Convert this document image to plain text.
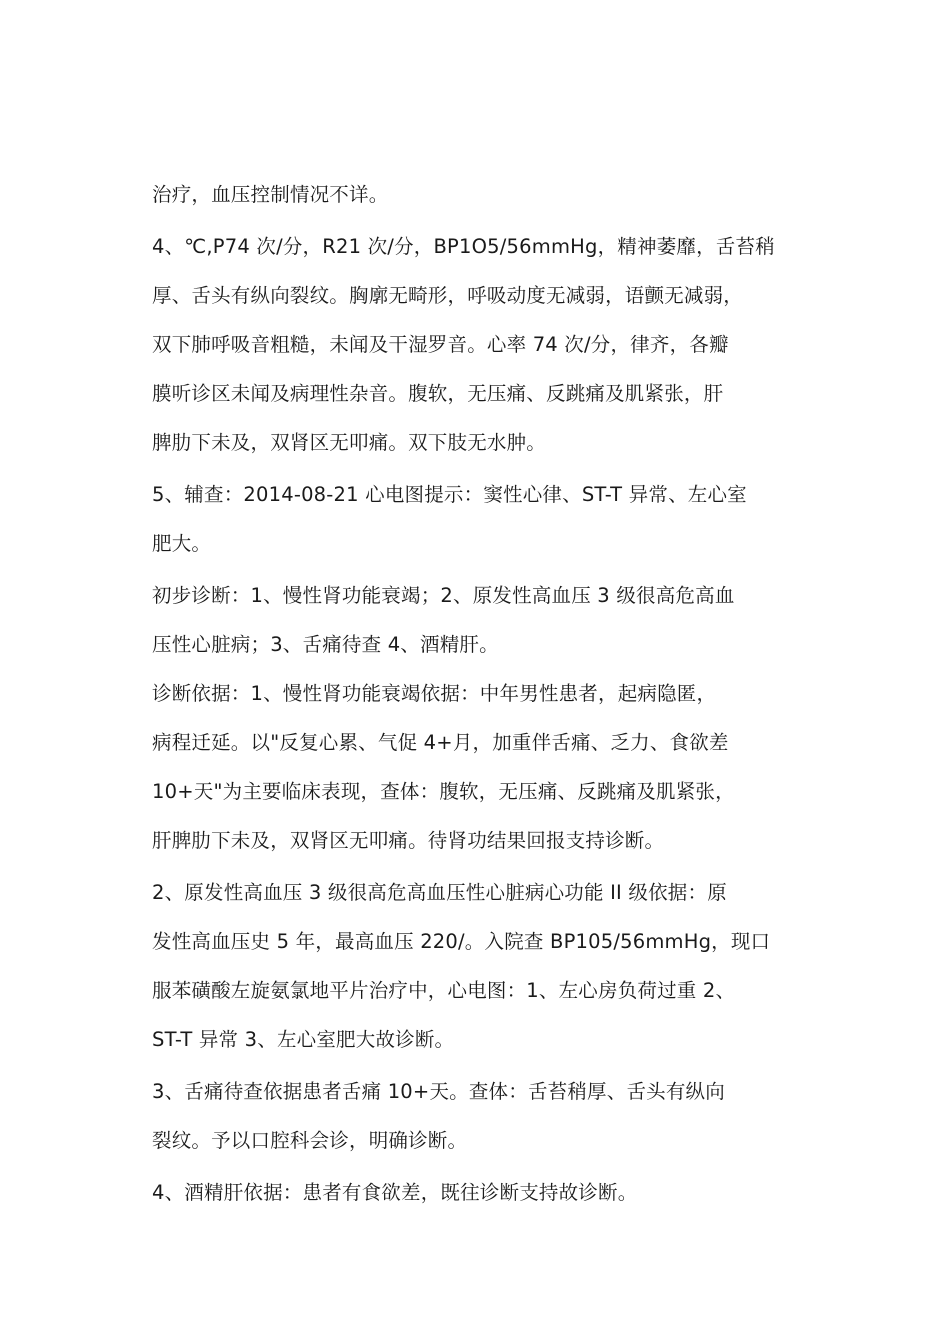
治疗，血压控制情况不详。
4、℃,P74 次/分，R21 次/分，BP1O5/56mmHg，精神萎靡，舌苔稍
厚、舌头有纵向裂纹。胸廓无畸形，呼吸动度无减弱，语颤无减弱，
双下肺呼吸音粗糙，未闻及干湿罗音。心率 74 次/分，律齐，各瓣
膜听诊区未闻及病理性杂音。腹软，无压痛、反跳痛及肌紧张，肝
脾肋下未及，双肾区无叩痛。双下肢无水肿。
5、辅查：2014-08-21 心电图提示：窦性心律、ST-T 异常、左心室
肥大。
初步诊断：1、慢性肾功能衰竭；2、原发性高血压 3 级很高危高血
压性心脏病；3、舌痛待查 4、酒精肝。
诊断依据：1、慢性肾功能衰竭依据：中年男性患者，起病隐匿，
病程迁延。以"反复心累、气促 4+月，加重伴舌痛、乏力、食欲差
10+天"为主要临床表现，查体：腹软，无压痛、反跳痛及肌紧张，
肝脾肋下未及，双肾区无叩痛。待肾功结果回报支持诊断。
2、原发性高血压 3 级很高危高血压性心脏病心功能 II 级依据：原
发性高血压史 5 年，最高血压 220/。入院查 BP105/56mmHg，现口
服苯磺酸左旋氨氯地平片治疗中，心电图：1、左心房负荷过重 2、
ST-T 异常 3、左心室肥大故诊断。
3、舌痛待查依据患者舌痛 10+天。查体：舌苔稍厚、舌头有纵向
裂纹。予以口腔科会诊，明确诊断。
4、酒精肝依据：患者有食欲差，既往诊断支持故诊断。
